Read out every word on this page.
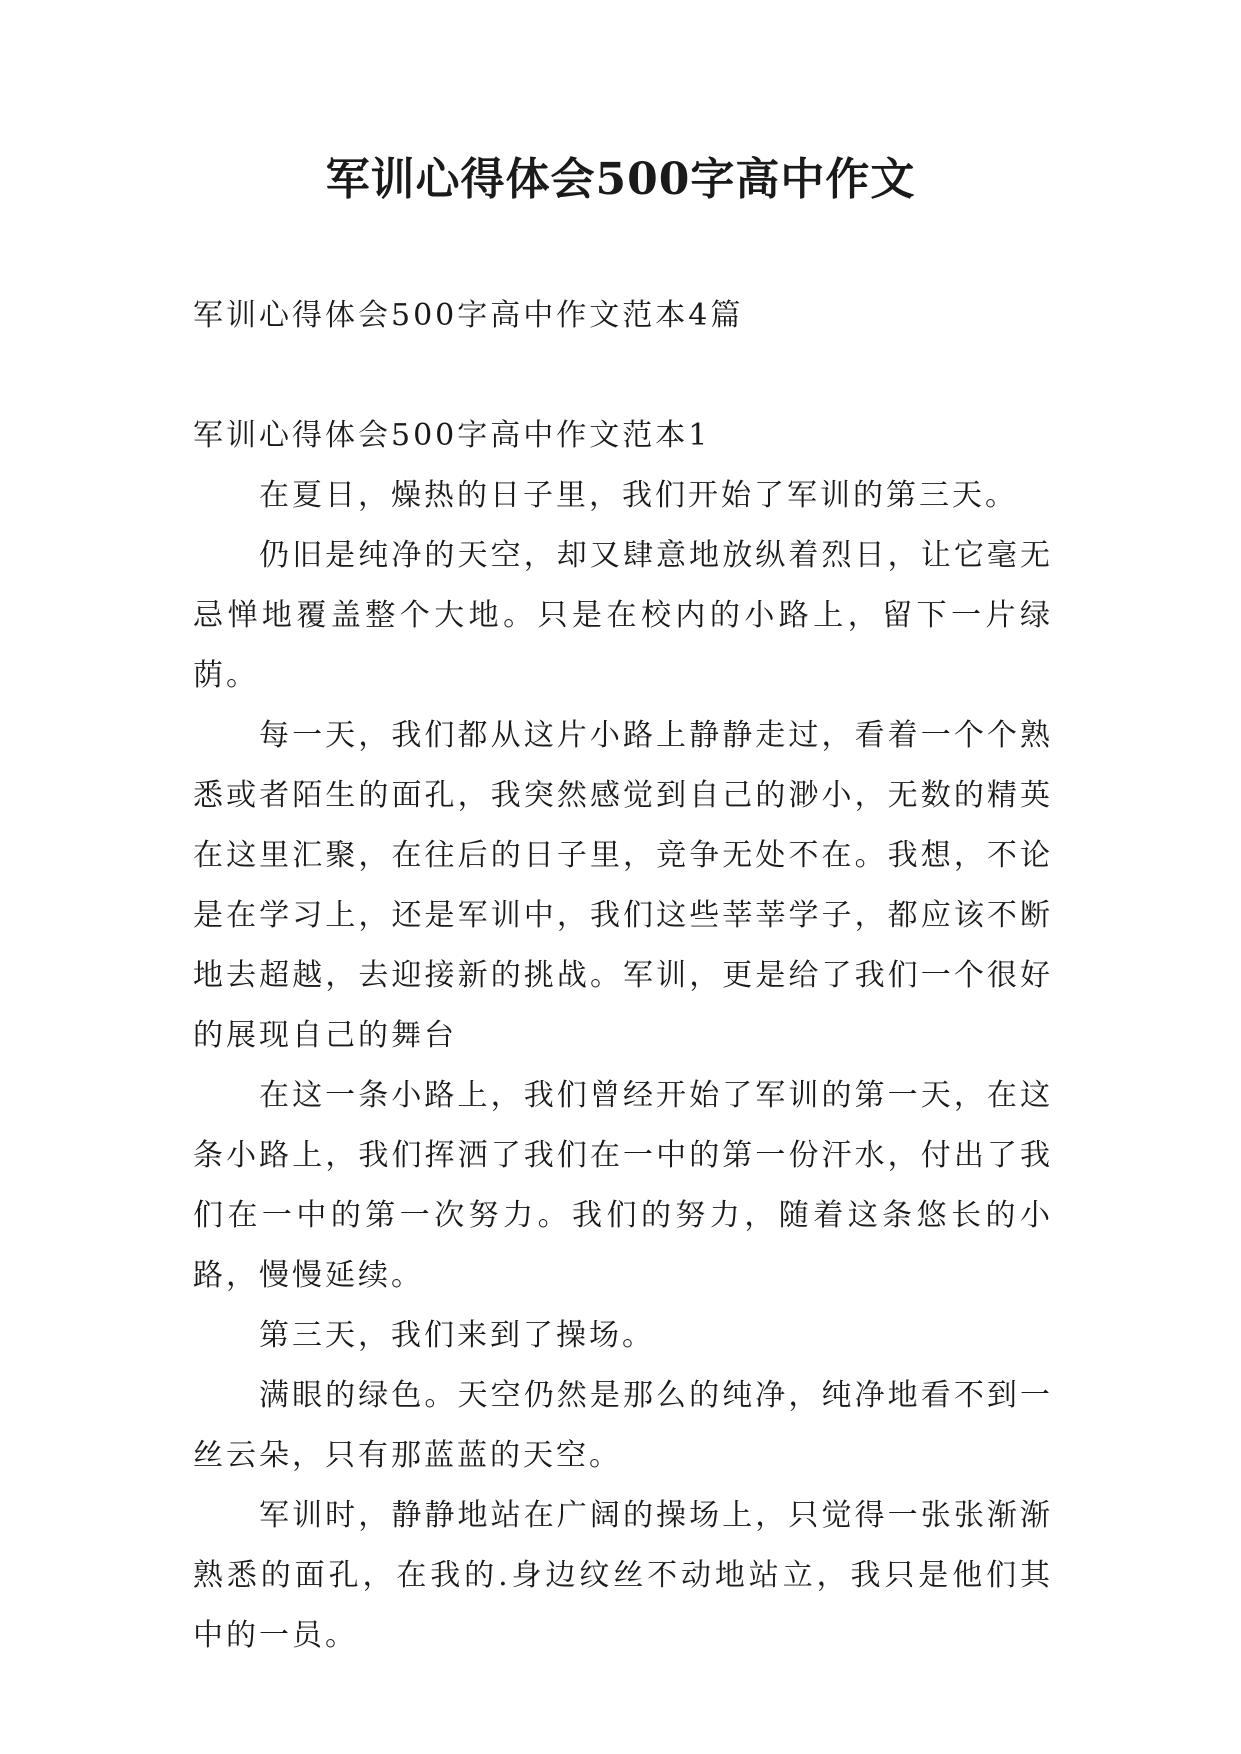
军训心得体会500字高中作文

军训心得体会500字高中作文范本4篇

军训心得体会500字高中作文范本1

在夏日，燥热的日子里，我们开始了军训的第三天。

仍旧是纯净的天空，却又肆意地放纵着烈日，让它毫无忌惮地覆盖整个大地。只是在校内的小路上，留下一片绿荫。

每一天，我们都从这片小路上静静走过，看着一个个熟悉或者陌生的面孔，我突然感觉到自己的渺小，无数的精英在这里汇聚，在往后的日子里，竞争无处不在。我想，不论是在学习上，还是军训中，我们这些莘莘学子，都应该不断地去超越，去迎接新的挑战。军训，更是给了我们一个很好的展现自己的舞台

在这一条小路上，我们曾经开始了军训的第一天，在这条小路上，我们挥洒了我们在一中的第一份汗水，付出了我们在一中的第一次努力。我们的努力，随着这条悠长的小路，慢慢延续。

第三天，我们来到了操场。

满眼的绿色。天空仍然是那么的纯净，纯净地看不到一丝云朵，只有那蓝蓝的天空。

军训时，静静地站在广阔的操场上，只觉得一张张渐渐熟悉的面孔，在我的.身边纹丝不动地站立，我只是他们其中的一员。
